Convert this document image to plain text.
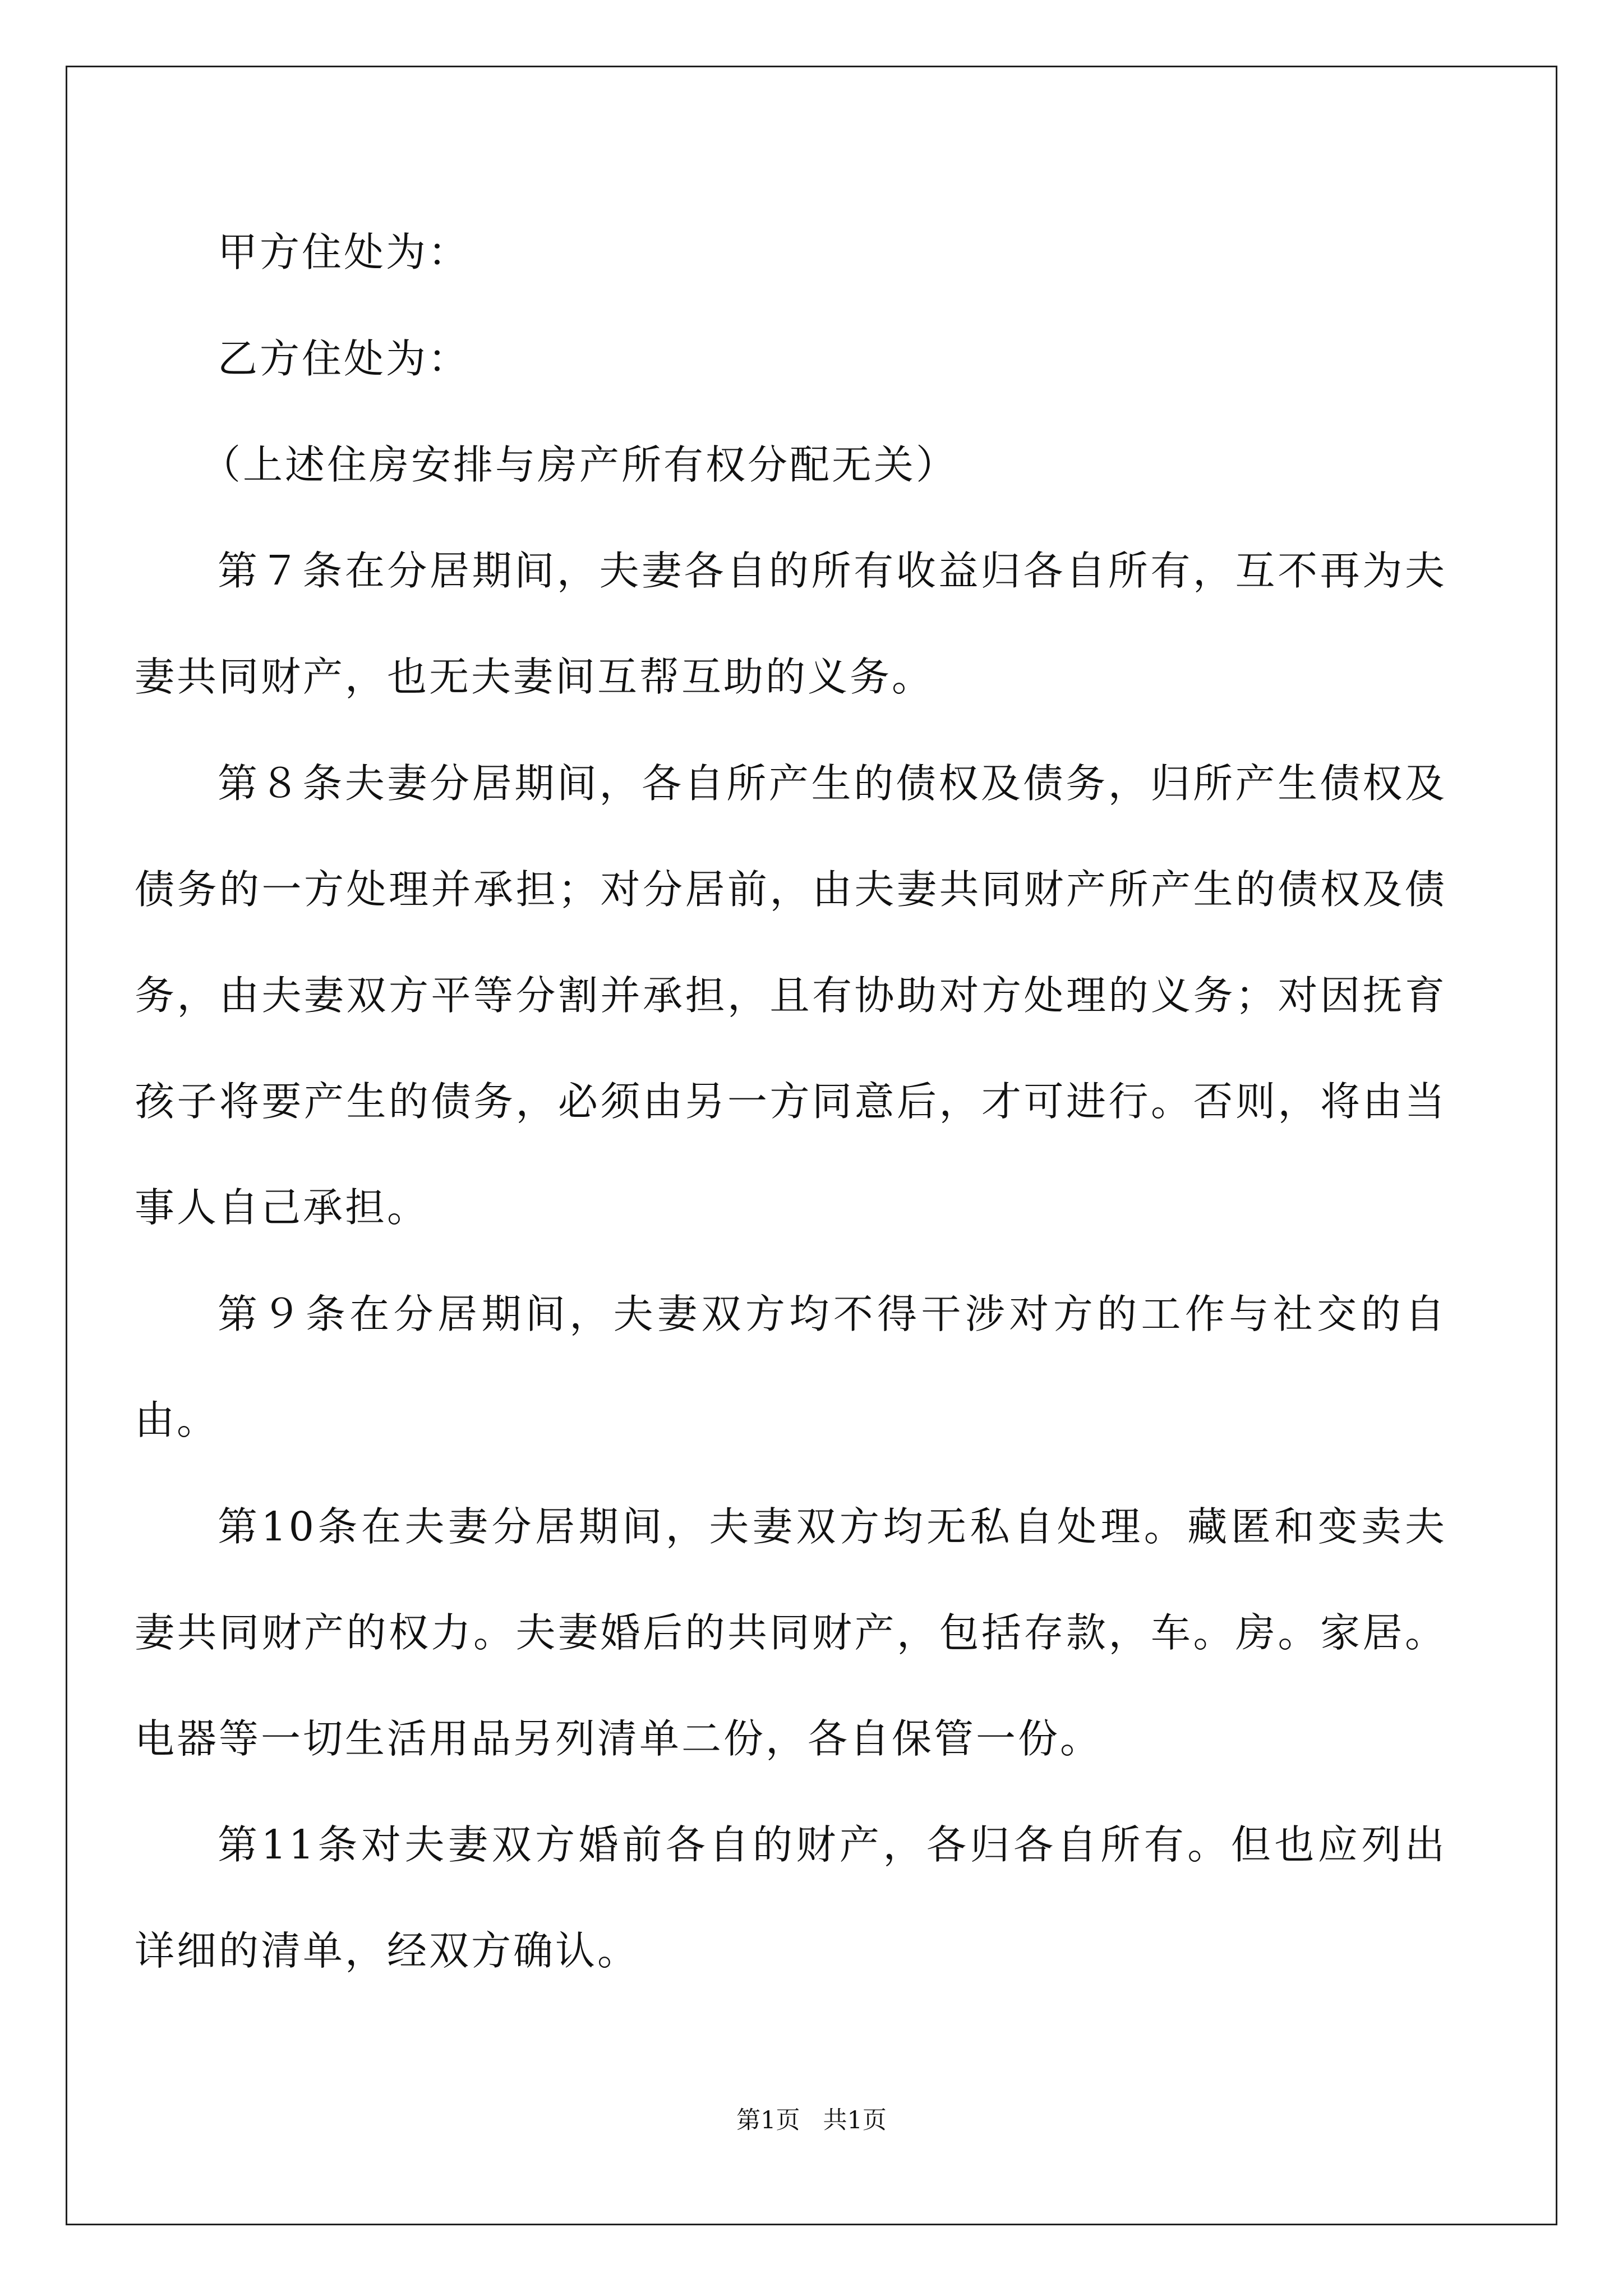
甲方住处为：

乙方住处为：

（上述住房安排与房产所有权分配无关）

第７条在分居期间，夫妻各自的所有收益归各自所有，互不再为夫妻共同财产，也无夫妻间互帮互助的义务。

第８条夫妻分居期间，各自所产生的债权及债务，归所产生债权及债务的一方处理并承担；对分居前，由夫妻共同财产所产生的债权及债务，由夫妻双方平等分割并承担，且有协助对方处理的义务；对因抚育孩子将要产生的债务，必须由另一方同意后，才可进行。否则，将由当事人自己承担。

第９条在分居期间，夫妻双方均不得干涉对方的工作与社交的自由。

第10条在夫妻分居期间，夫妻双方均无私自处理。藏匿和变卖夫妻共同财产的权力。夫妻婚后的共同财产，包括存款，车。房。家居。电器等一切生活用品另列清单二份，各自保管一份。

第11条对夫妻双方婚前各自的财产，各归各自所有。但也应列出详细的清单，经双方确认。

第1页   共1页
